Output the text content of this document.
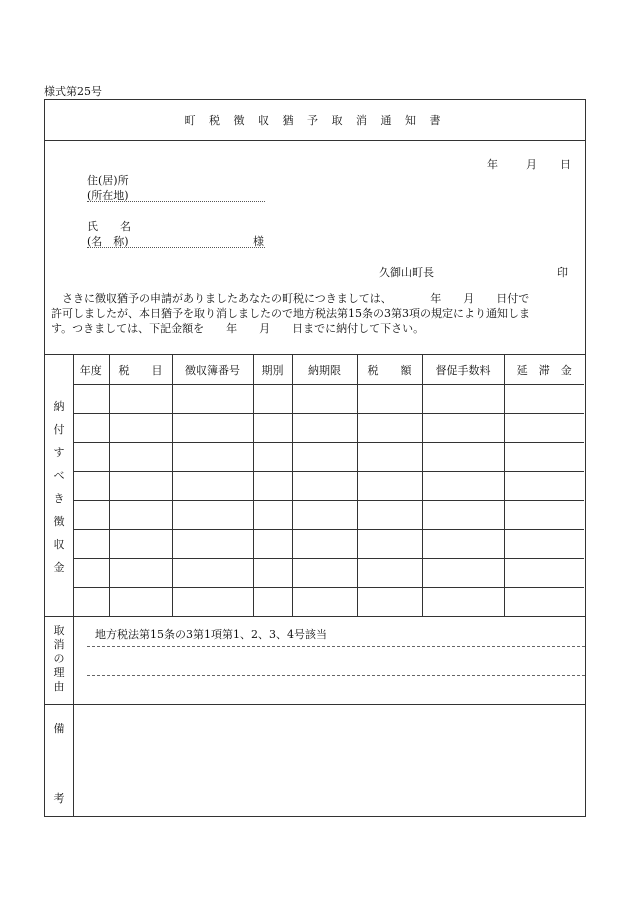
様式第25号
町 税 徴 収 猶 予 取 消 通 知 書
年	月 日
住(居)所
(所在地)
氏　　名
(名　称)	様
久御山町長	印
　さきに徴収猶予の申請がありましたあなたの町税につきましては、　　　　年　　月　　日付で
許可しましたが、本日猶予を取り消しましたので地方税法第15条の3第3項の規定により通知しま
す。つきましては、下記金額を　　年　　月　　日までに納付して下さい。
納
付
す
べ
き
徴
収
金
年度	税　　目	徴収簿番号	期別	納期限	税　　額	督促手数料	延　滞　金

取
消
の
理
由
地方税法第15条の3第1項第1、2、3、4号該当
備
考
